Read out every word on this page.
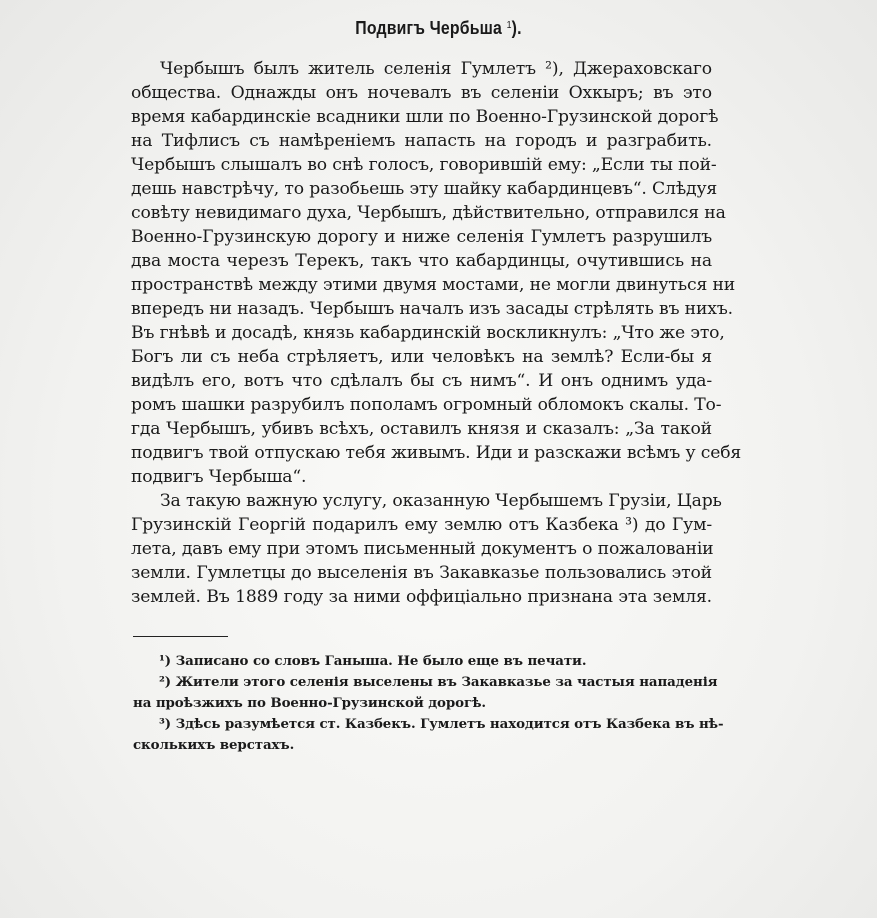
Подвигъ Чербьша $^1$).
Чербышъ былъ житель селенія Гумлетъ ²), Джераховскаго
общества. Однажды онъ ночевалъ въ селеніи Охкыръ; въ это
время кабардинскіе всадники шли по Военно-Грузинской дорогѣ
на Тифлисъ съ намѣреніемъ напасть на городъ и разграбить.
Чербышъ слышалъ во снѣ голосъ, говорившій ему: „Если ты пой-
дешь навстрѣчу, то разобьешь эту шайку кабардинцевъ“. Слѣдуя
совѣту невидимаго духа, Чербышъ, дѣйствительно, отправился на
Военно-Грузинскую дорогу и ниже селенія Гумлетъ разрушилъ
два моста черезъ Терекъ, такъ что кабардинцы, очутившись на
пространствѣ между этими двумя мостами, не могли двинуться ни
впередъ ни назадъ. Чербышъ началъ изъ засады стрѣлять въ нихъ.
Въ гнѣвѣ и досадѣ, князь кабардинскій воскликнулъ: „Что же это,
Богъ ли съ неба стрѣляетъ, или человѣкъ на землѣ? Если-бы я
видѣлъ его, вотъ что сдѣлалъ бы съ нимъ“. И онъ однимъ уда-
ромъ шашки разрубилъ пополамъ огромный обломокъ скалы. То-
гда Чербышъ, убивъ всѣхъ, оставилъ князя и сказалъ: „За такой
подвигъ твой отпускаю тебя живымъ. Иди и разскажи всѣмъ у себя
подвигъ Чербыша“.
За такую важную услугу, оказанную Чербышемъ Грузіи, Царь
Грузинскій Георгій подарилъ ему землю отъ Казбека ³) до Гум-
лета, давъ ему при этомъ письменный документъ о пожалованіи
земли. Гумлетцы до выселенія въ Закавказье пользовались этой
землей. Въ 1889 году за ними оффиціально признана эта земля.
¹) Записано со словъ Ганыша. Не было еще въ печати.
²) Жители этого селенія выселены въ Закавказье за частыя нападенія
на проѣзжихъ по Военно-Грузинской дорогѣ.
³) Здѣсь разумѣется ст. Казбекъ. Гумлетъ находится отъ Казбека въ нѣ-
сколькихъ верстахъ.
